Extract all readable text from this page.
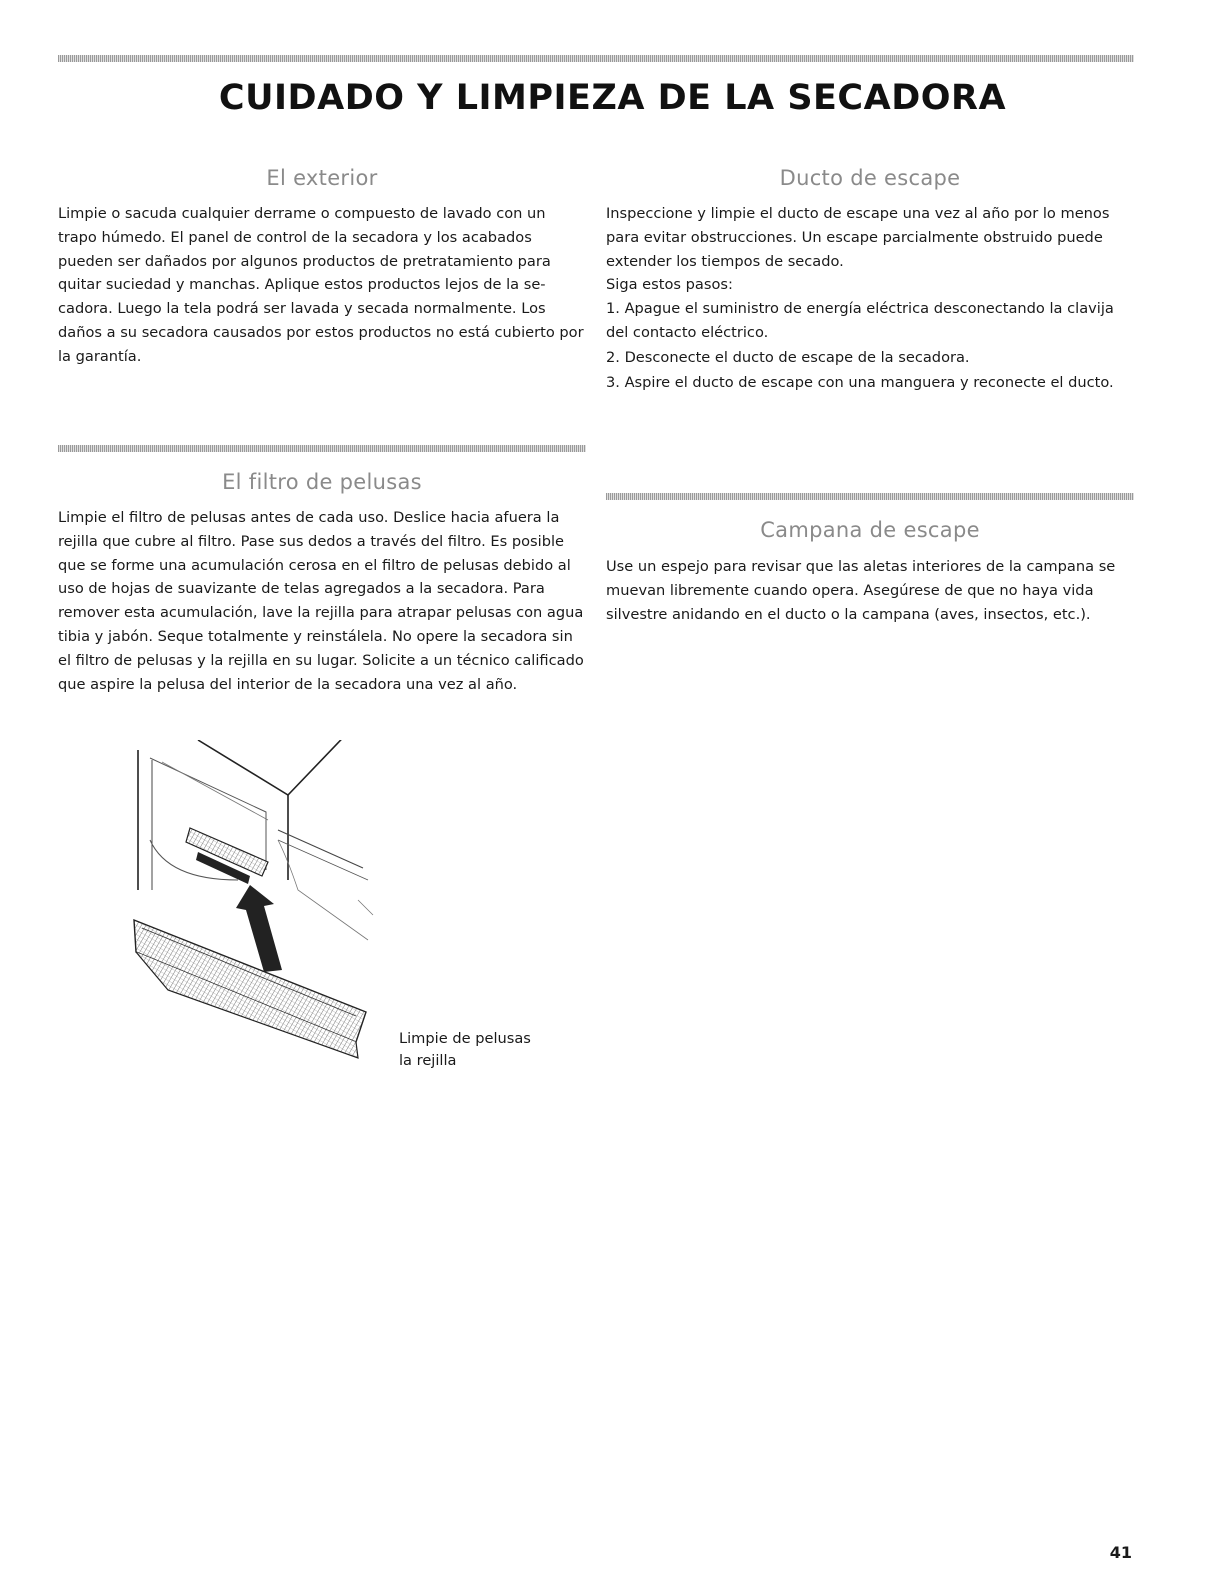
CUIDADO Y LIMPIEZA DE LA SECADORA
El exterior

Limpie o sacuda cualquier derrame o compuesto de lavado con un trapo húmedo. El panel de control de la secadora y los acabados pueden ser dañados por algunos productos de pretratamiento para quitar suciedad y manchas. Aplique estos productos lejos de la secadora. Luego la tela podrá ser lavada y secada normalmente. Los daños a su secadora causados por estos productos no está cubierto por la garantía.

Ducto de escape

Inspeccione y limpie el ducto de escape una vez al año por lo menos para evitar obstrucciones. Un escape parcialmente obstruido puede extender los tiempos de secado.

Siga estos pasos:

1. Apague el suministro de energía eléctrica desconectando la clavija del contacto eléctrico.
2. Desconecte el ducto de escape de la secadora.
3. Aspire el ducto de escape con una manguera y reconecte el ducto.
El filtro de pelusas

Limpie el filtro de pelusas antes de cada uso. Deslice hacia afuera la rejilla que cubre al filtro. Pase sus dedos a través del filtro. Es posible que se forme una acumulación cerosa en el filtro de pelusas debido al uso de hojas de suavizante de telas agregados a la secadora. Para remover esta acumulación, lave la rejilla para atrapar pelusas con agua tibia y jabón. Seque totalmente y reinstálela. No opere la secadora sin el filtro de pelusas y la rejilla en su lugar. Solicite a un técnico calificado que aspire la pelusa del interior de la secadora una vez al año.

Campana de escape

Use un espejo para revisar que las aletas interiores de la campana se muevan libremente cuando opera. Asegúrese de que no haya vida silvestre anidando en el ducto o la campana (aves, insectos, etc.).

Limpie de pelusas
la rejilla
41
